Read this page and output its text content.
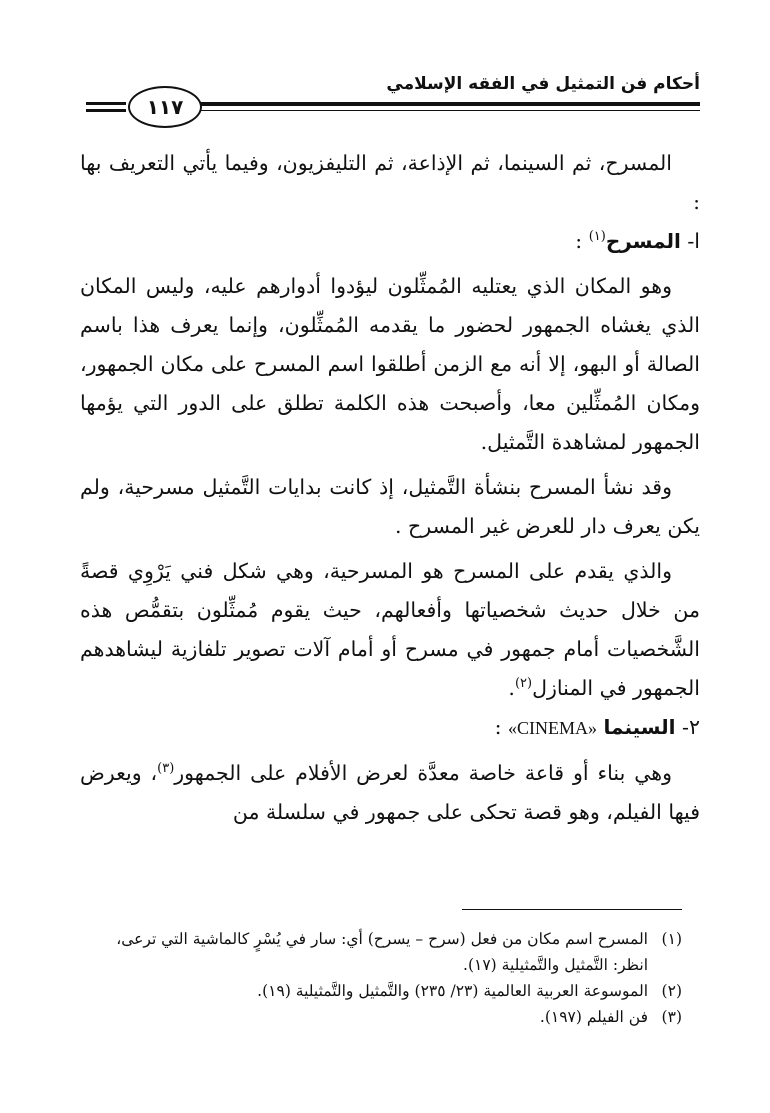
أحكام فن التمثيل في الفقه الإسلامي
١١٧

المسرح، ثم السينما، ثم الإذاعة، ثم التليفزيون، وفيما يأتي التعريف بها :

ا- المسرح$^{(١)}$ :

وهو المكان الذي يعتليه المُمثِّلون ليؤدوا أدوارهم عليه، وليس المكان الذي يغشاه الجمهور لحضور ما يقدمه المُمثِّلون، وإنما يعرف هذا باسم الصالة أو البهو، إلا أنه مع الزمن أطلقوا اسم المسرح على مكان الجمهور، ومكان المُمثِّلين معا، وأصبحت هذه الكلمة تطلق على الدور التي يؤمها الجمهور لمشاهدة التَّمثيل.

وقد نشأ المسرح بنشأة التَّمثيل، إذ كانت بدايات التَّمثيل مسرحية، ولم يكن يعرف دار للعرض غير المسرح .

والذي يقدم على المسرح هو المسرحية، وهي شكل فني يَرْوِي قصةً من خلال حديث شخصياتها وأفعالهم، حيث يقوم مُمثِّلون بتقمُّص هذه الشَّخصيات أمام جمهور في مسرح أو أمام آلات تصوير تلفازية ليشاهدهم الجمهور في المنازل$^{(٢)}$.

٢- السينما «CINEMA» :

وهي بناء أو قاعة خاصة معدَّة لعرض الأفلام على الجمهور$^{(٣)}$، ويعرض فيها الفيلم، وهو قصة تحكى على جمهور في سلسلة من

(١)
المسرح اسم مكان من فعل (سرح – يسرح) أي: سار في يُسْرٍ كالماشية التي ترعى، انظر: التَّمثيل والتَّمثيلية (١٧).

(٢)
الموسوعة العربية العالمية (٢٣/ ٢٣٥) والتَّمثيل والتَّمثيلية (١٩).

(٣)
فن الفيلم (١٩٧).
